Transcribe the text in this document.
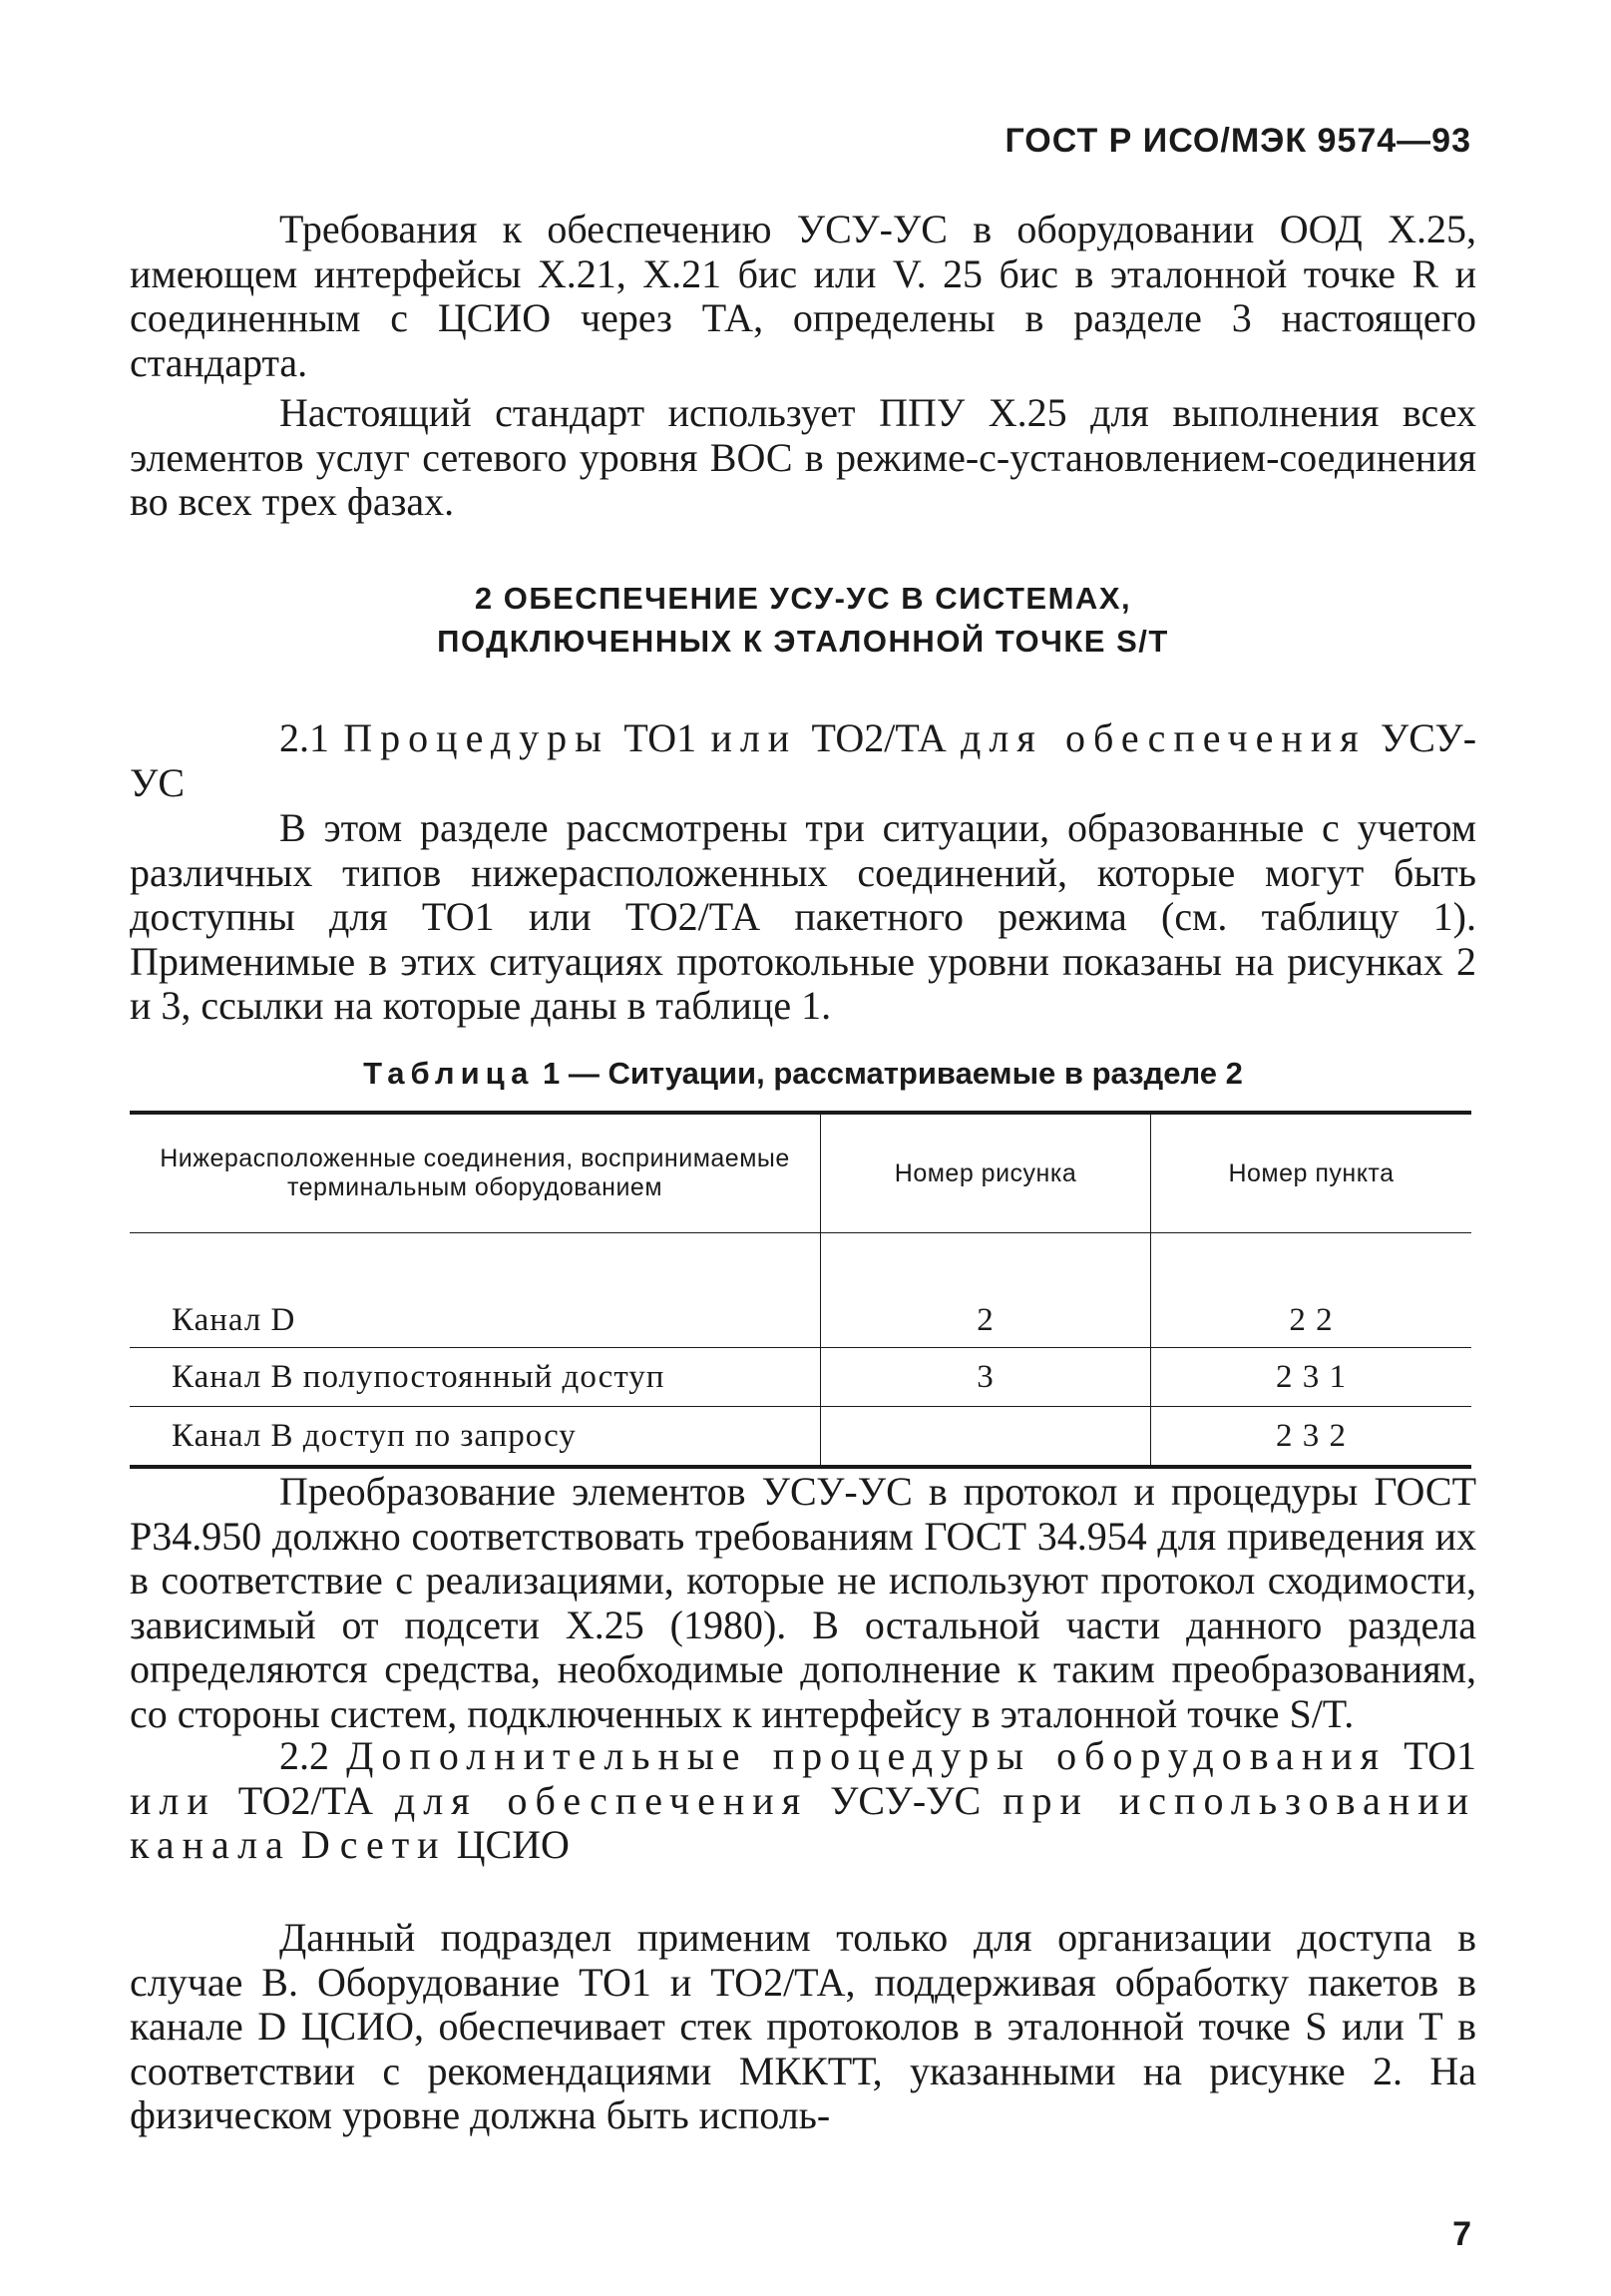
ГОСТ Р ИСО/МЭК 9574—93

Требования к обеспечению УСУ-УС в оборудовании ООД X.25, имеющем интерфейсы X.21, X.21 бис или V. 25 бис в эталонной точке R и соединенным с ЦСИО через ТА, определены в разделе 3 настоящего стандарта.

Настоящий стандарт использует ППУ X.25 для выполнения всех элементов услуг сетевого уровня ВОС в режиме-с-установлением-соединения во всех трех фазах.

2 ОБЕСПЕЧЕНИЕ УСУ-УС В СИСТЕМАХ,
ПОДКЛЮЧЕННЫХ К ЭТАЛОННОЙ ТОЧКЕ S/T

2.1 Процедуры ТО1 или ТО2/ТА для обеспечения УСУ-УС

В этом разделе рассмотрены три ситуации, образованные с учетом различных типов нижерасположенных соединений, которые могут быть доступны для ТО1 или ТО2/ТА пакетного режима (см. таблицу 1). Применимые в этих ситуациях протокольные уровни показаны на рисунках 2 и 3, ссылки на которые даны в таблице 1.

Таблица 1 — Ситуации, рассматриваемые в разделе 2
Нижерасположенные соединения, воспринимаемые терминальным оборудованием	Номер рисунка	Номер пункта
Канал D	2	2 2
Канал В полупостоянный доступ	3	2 3 1
Канал В доступ по запросу		2 3 2

Преобразование элементов УСУ-УС в протокол и процедуры ГОСТ Р34.950 должно соответствовать требованиям ГОСТ 34.954 для приведения их в соответствие с реализациями, которые не используют протокол сходимости, зависимый от подсети X.25 (1980). В остальной части данного раздела определяются средства, необходимые дополнение к таким преобразованиям, со стороны систем, подключенных к интерфейсу в эталонной точке S/T.

2.2 Дополнительные процедуры оборудования ТО1 или ТО2/ТА для обеспечения УСУ-УС при использовании канала D сети ЦСИО

Данный подраздел применим только для организации доступа в случае В. Оборудование ТО1 и ТО2/ТА, поддерживая обработку пакетов в канале D ЦСИО, обеспечивает стек протоколов в эталонной точке S или Т в соответствии с рекомендациями МККТТ, указанными на рисунке 2. На физическом уровне должна быть исполь-

7
